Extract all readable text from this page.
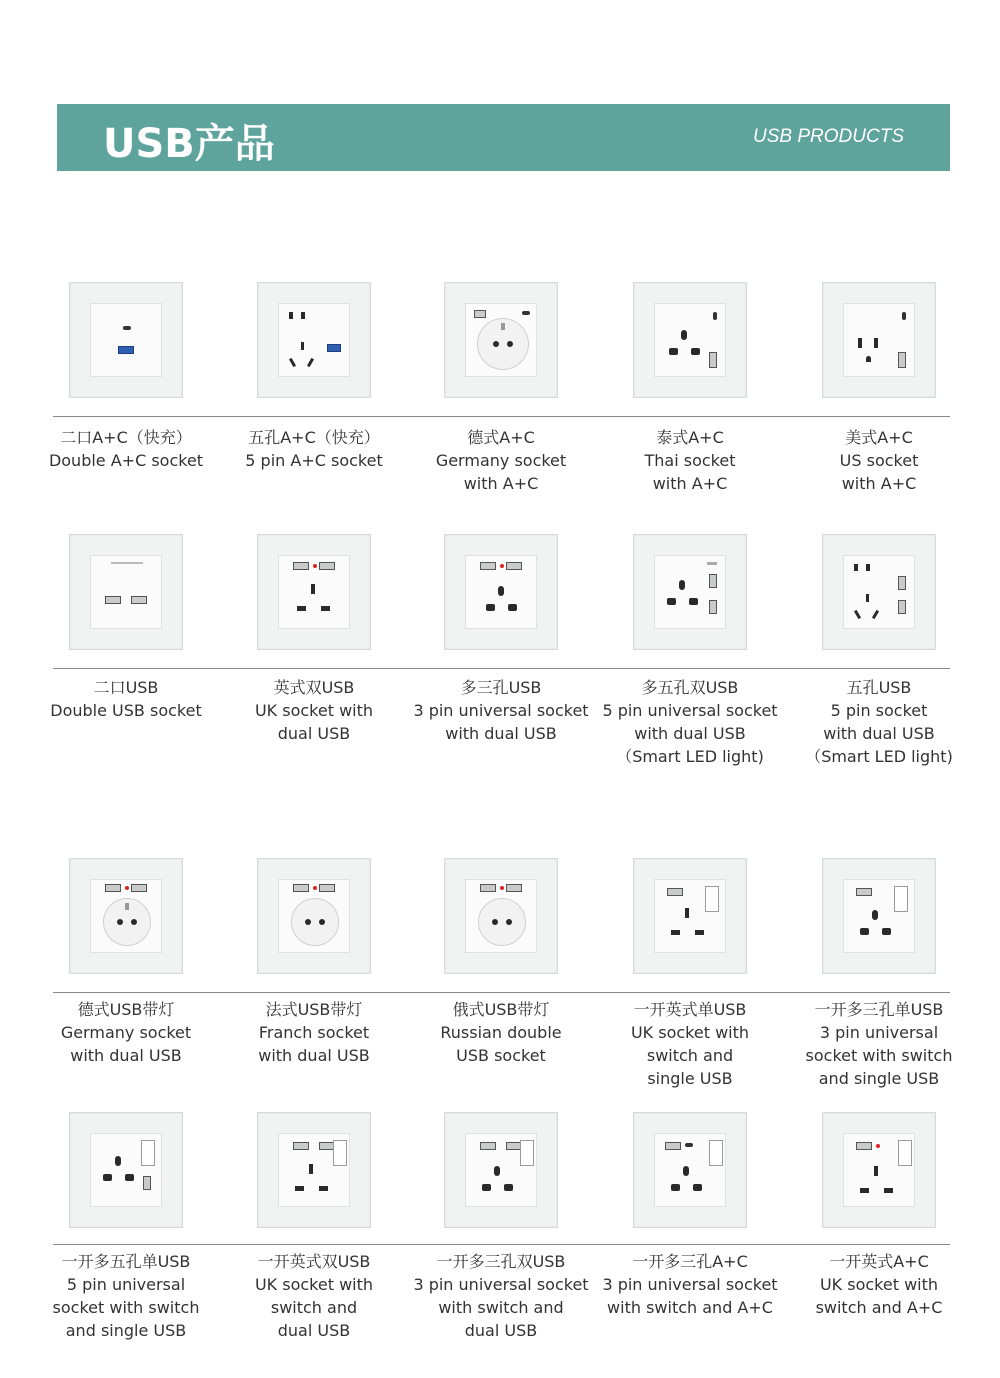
USB产品	USB PRODUCTS
二口A+C（快充）
Double A+C socket
五孔A+C（快充）
5 pin A+C socket
德式A+C
Germany socket
with A+C
泰式A+C
Thai socket
with A+C
美式A+C
US socket
with A+C
二口USB
Double USB socket
英式双USB
UK socket with
dual USB
多三孔USB
3 pin universal socket
with dual USB
多五孔双USB
5 pin universal socket
with dual USB
（Smart LED light)
五孔USB
5 pin socket
with dual USB
（Smart LED light)
德式USB带灯
Germany socket
with dual USB
法式USB带灯
Franch socket
with dual USB
俄式USB带灯
Russian double
USB socket
一开英式单USB
UK socket with
switch and
single USB
一开多三孔单USB
3 pin universal
socket with switch
and single USB
一开多五孔单USB
5 pin universal
socket with switch
and single USB
一开英式双USB
UK socket with
switch and
dual USB
一开多三孔双USB
3 pin universal socket
with switch and
dual USB
一开多三孔A+C
3 pin universal socket
with switch and A+C
一开英式A+C
UK socket with
switch and A+C
